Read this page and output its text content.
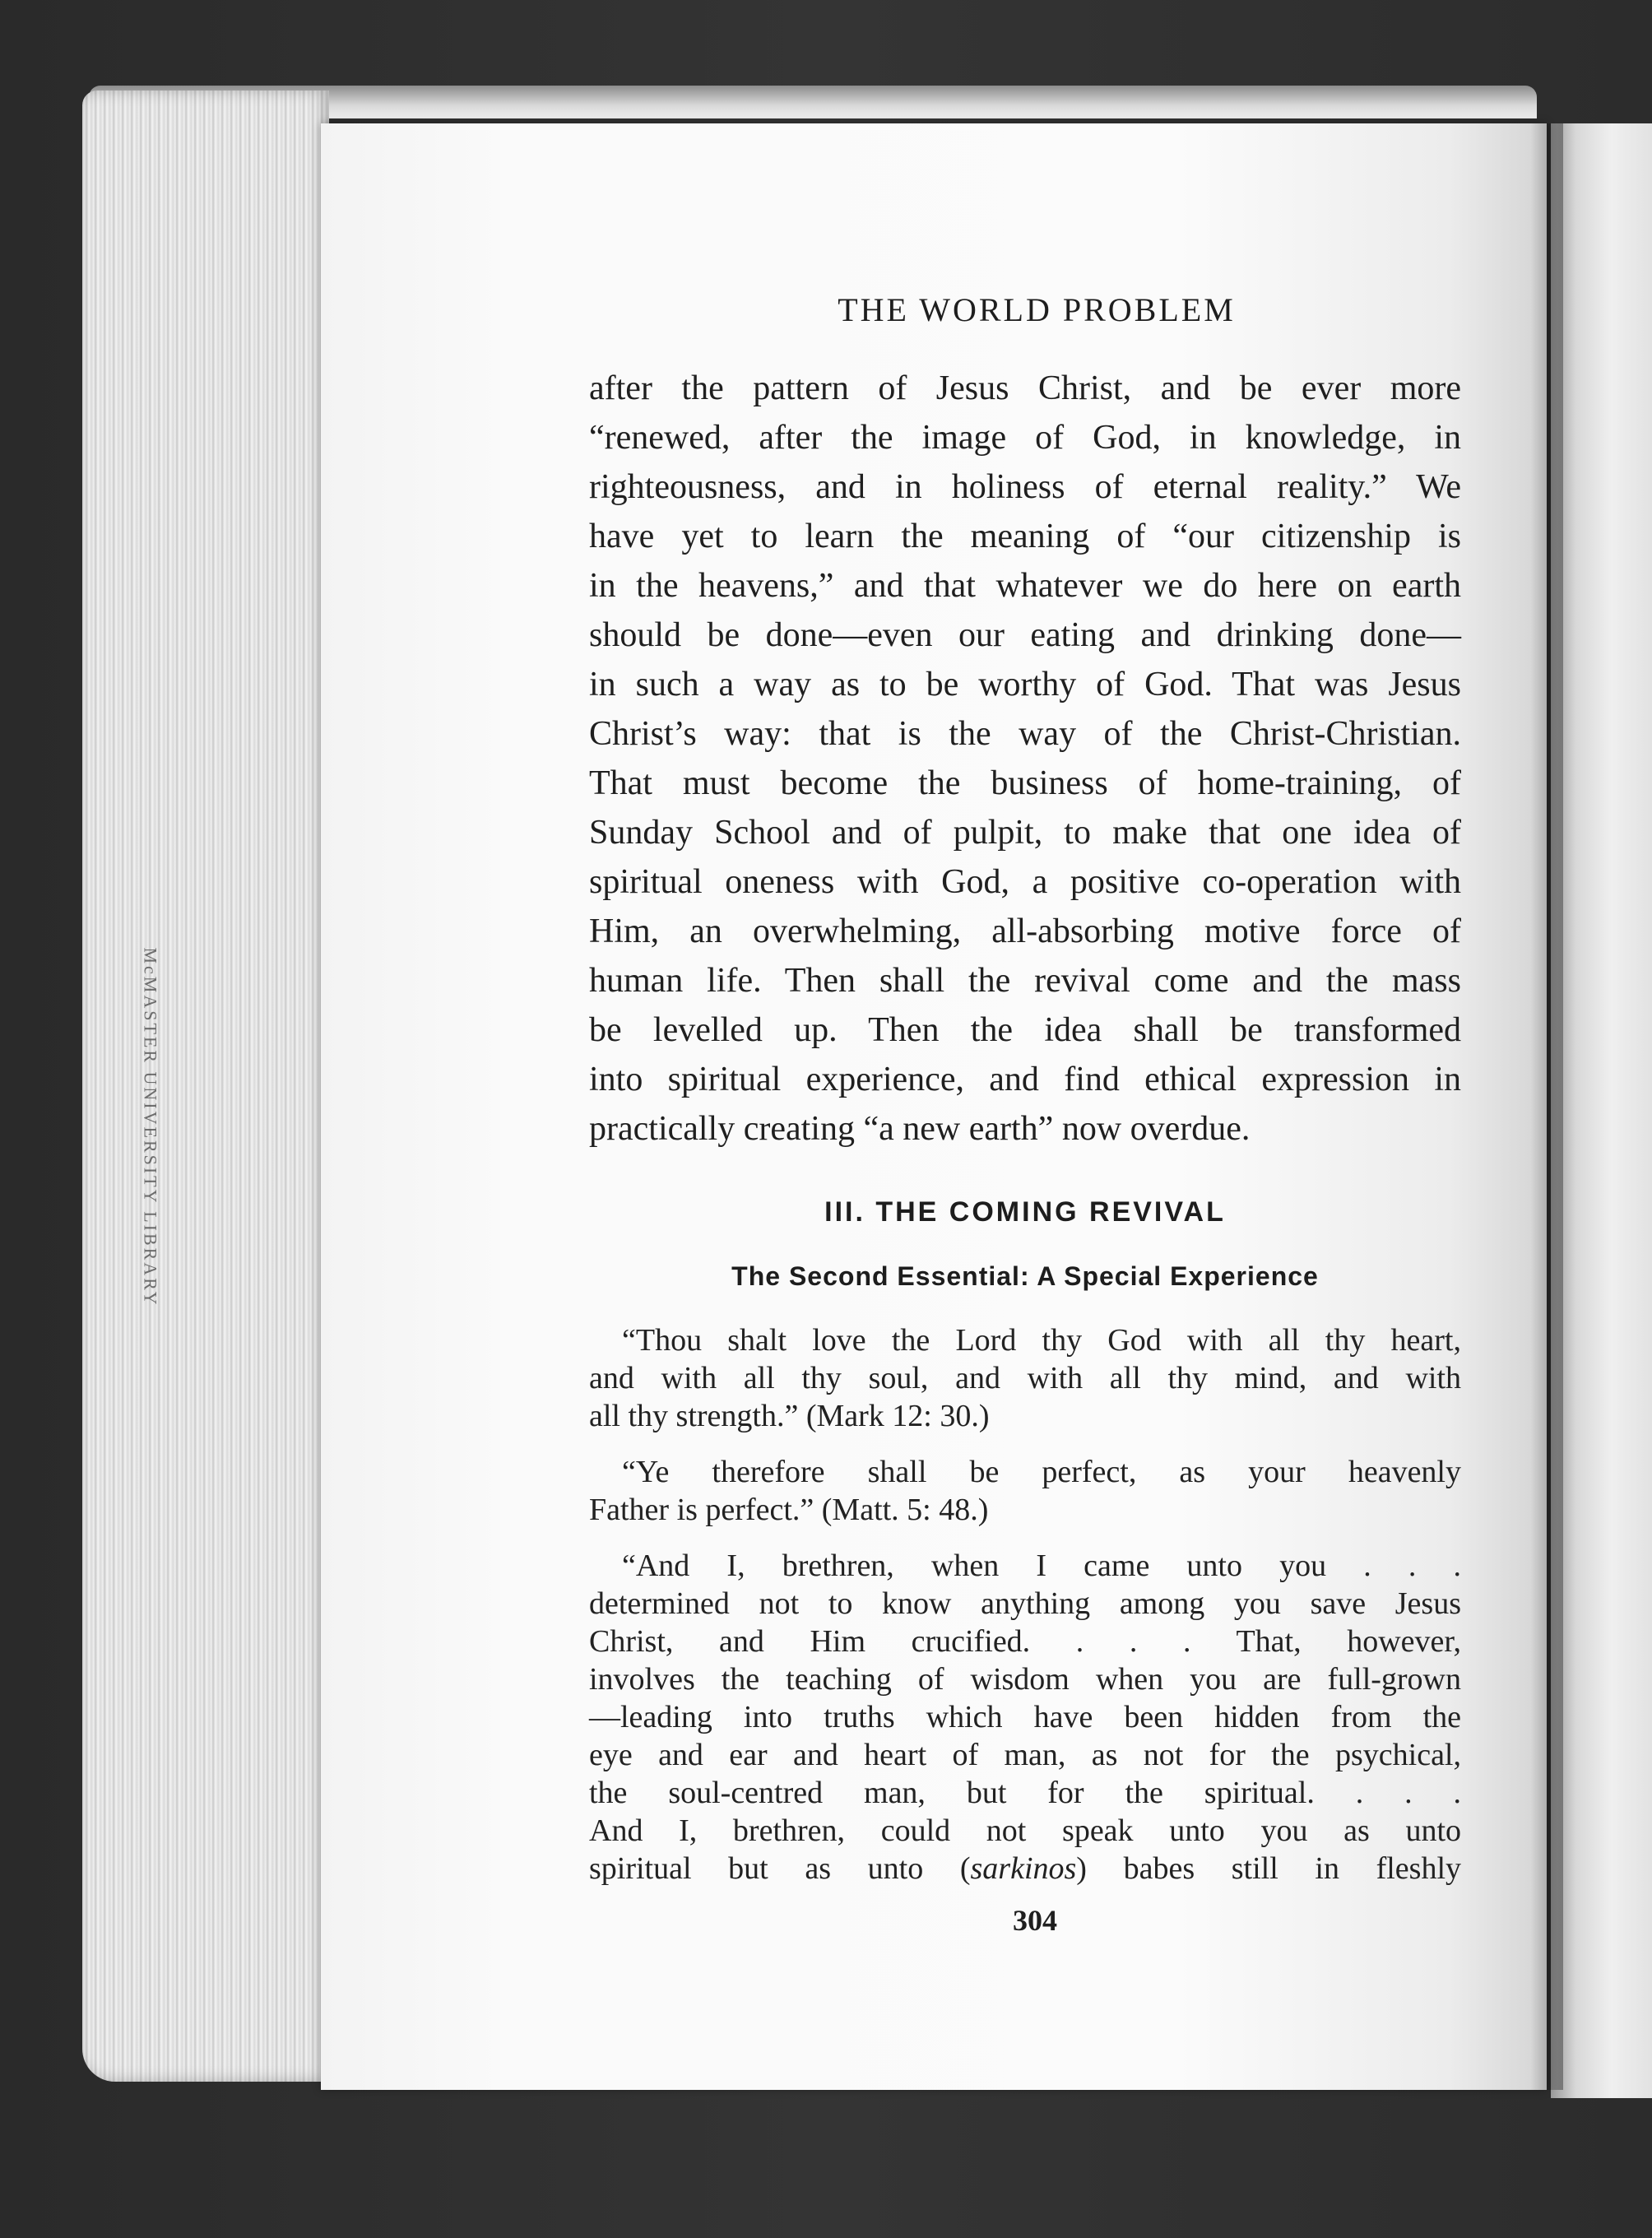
McMASTER UNIVERSITY LIBRARY
THE WORLD PROBLEM

after the pattern of Jesus Christ, and be ever more
“renewed, after the image of God, in knowledge, in
righteousness, and in holiness of eternal reality.” We
have yet to learn the meaning of “our citizenship is
in the heavens,” and that whatever we do here on earth
should be done—even our eating and drinking done—
in such a way as to be worthy of God. That was Jesus
Christ’s way: that is the way of the Christ-Christian.
That must become the business of home-training, of
Sunday School and of pulpit, to make that one idea of
spiritual oneness with God, a positive co-operation with
Him, an overwhelming, all-absorbing motive force of
human life. Then shall the revival come and the mass
be levelled up. Then the idea shall be transformed
into spiritual experience, and find ethical expression in
practically creating “a new earth” now overdue.

III. THE COMING REVIVAL
The Second Essential: A Special Experience
“Thou shalt love the Lord thy God with all thy heart,
and with all thy soul, and with all thy mind, and with
all thy strength.” (Mark 12: 30.)
“Ye therefore shall be perfect, as your heavenly
Father is perfect.” (Matt. 5: 48.)
“And I, brethren, when I came unto you . . .
determined not to know anything among you save Jesus
Christ, and Him crucified. . . . That, however,
involves the teaching of wisdom when you are full-grown
—leading into truths which have been hidden from the
eye and ear and heart of man, as not for the psychical,
the soul-centred man, but for the spiritual. . . .
And I, brethren, could not speak unto you as unto
spiritual but as unto (sarkinos) babes still in fleshly
304
